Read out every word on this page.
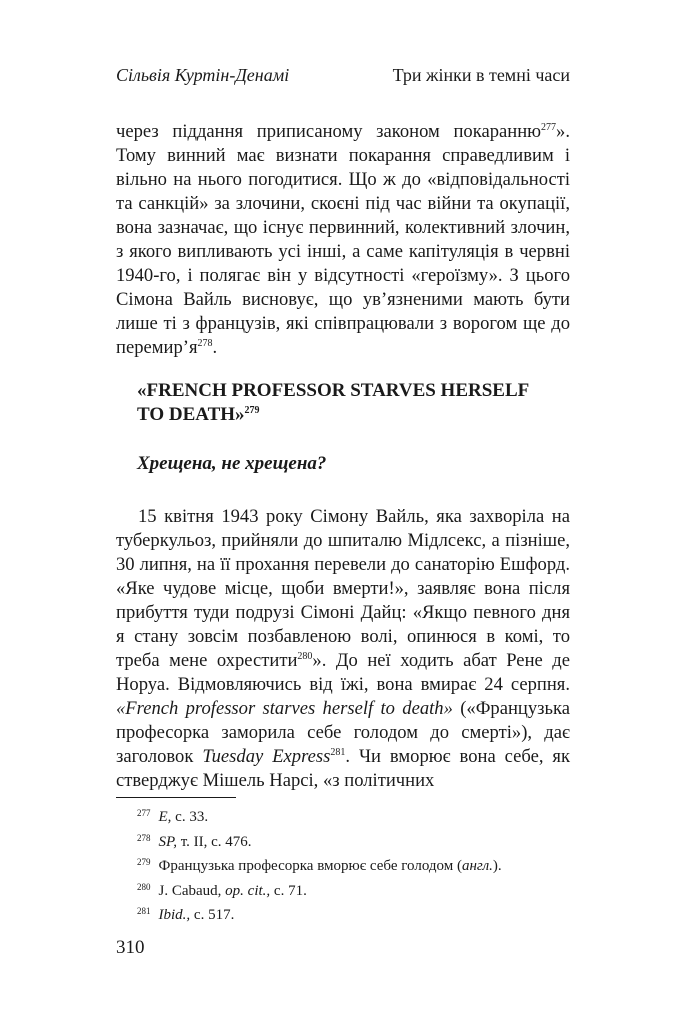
Сільвія Куртін-Денамі	Три жінки в темні часи

через піддання приписаному законом покаранню$^{277}$». Тому винний має визнати покарання справедливим і вільно на нього погодитися. Що ж до «відповідальності та санкцій» за злочини, скоєні під час війни та окупації, вона зазначає, що існує первинний, колективний злочин, з якого випливають усі інші, а саме капітуляція в червні 1940-го, і полягає він у відсутності «героїзму». З цього Сімона Вайль висновує, що ув’язненими мають бути лише ті з французів, які співпрацювали з ворогом ще до $перемир’я^{278}$.

«FRENCH PROFESSOR STARVES HERSELF TO DEATH»$^{279}$
Хрещена, не хрещена?

15 квітня 1943 року Сімону Вайль, яка захворіла на туберкульоз, прийняли до шпиталю Мідлсекс, а пізніше, 30 липня, на її прохання перевели до санаторію Ешфорд. «Яке чудове місце, щоби вмерти!», заявляє вона після прибуття туди подрузі Сімоні Дайц: «Якщо певного дня я стану зовсім позбавленою волі, опинюся в комі, то треба мене охрестити$^{280}$». До неї ходить абат Рене де Норуа. Відмовляючись від їжі, вона вмирає 24 серпня. «French professor starves herself to death» («Французька професорка заморила себе голодом до смерті»), дає заголовок Tuesday Express$^{281}$. Чи вморює вона себе, як стверджує Мішель Нарсі, «з політичних

$^{277}$ E, с. 33.
$^{278}$ SP, т. II, с. 476.
$^{279}$ Французька професорка вморює себе голодом (англ.).
$^{280}$ J. Cabaud, op. cit., с. 71.
$^{281}$ Ibid., с. 517.
310
